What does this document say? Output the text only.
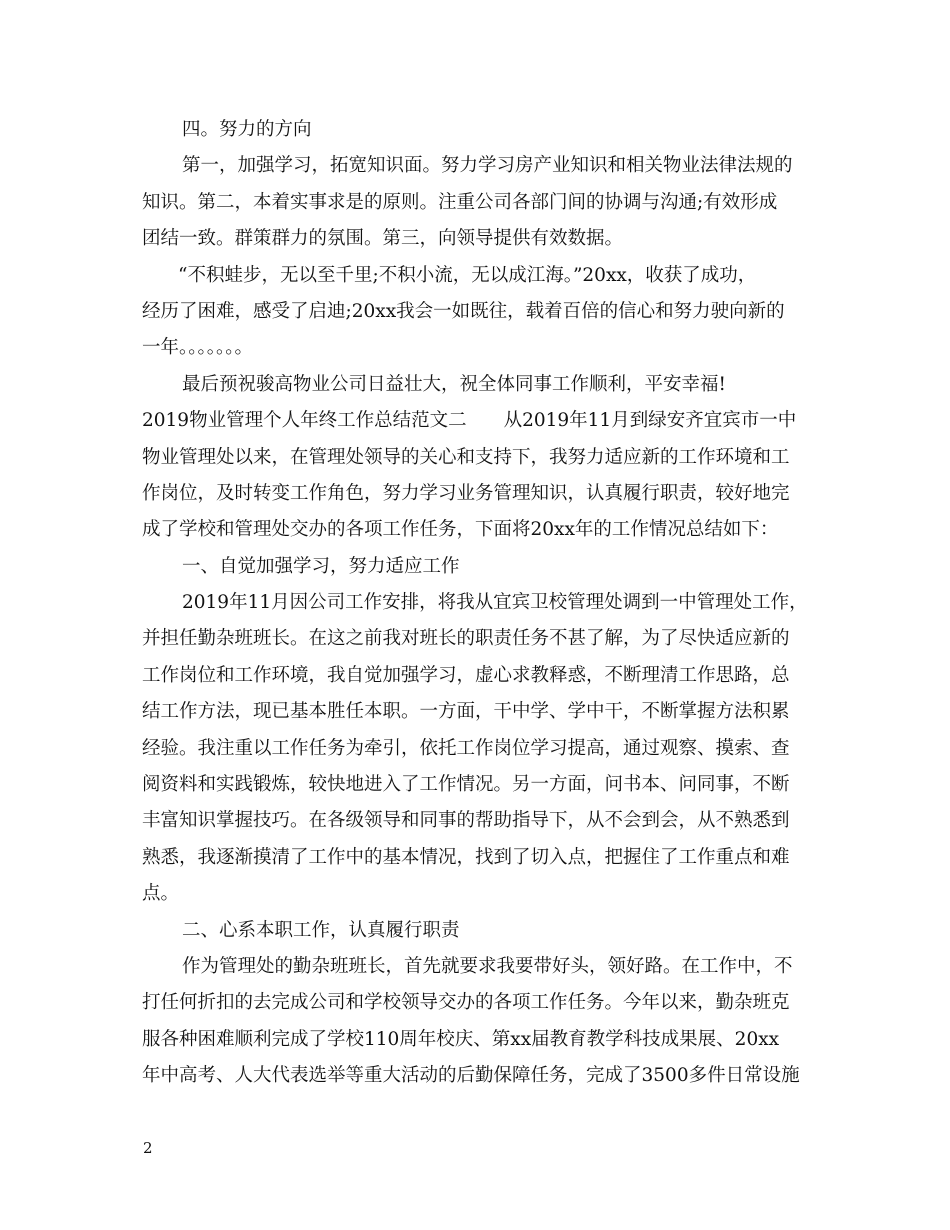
四。努力的方向
第一，加强学习，拓宽知识面。努力学习房产业知识和相关物业法律法规的
知识。第二，本着实事求是的原则。注重公司各部门间的协调与沟通;有效形成
团结一致。群策群力的氛围。第三，向领导提供有效数据。
“不积蛙步，无以至千里;不积小流，无以成江海。”20xx，收获了成功，
经历了困难，感受了启迪;20xx我会一如既往，载着百倍的信心和努力驶向新的
一年。。。。。。。
最后预祝骏高物业公司日益壮大，祝全体同事工作顺利，平安幸福!
2019物业管理个人年终工作总结范文二　　从2019年11月到绿安齐宜宾市一中
物业管理处以来，在管理处领导的关心和支持下，我努力适应新的工作环境和工
作岗位，及时转变工作角色，努力学习业务管理知识，认真履行职责，较好地完
成了学校和管理处交办的各项工作任务，下面将20xx年的工作情况总结如下：
一、自觉加强学习，努力适应工作
2019年11月因公司工作安排，将我从宜宾卫校管理处调到一中管理处工作，
并担任勤杂班班长。在这之前我对班长的职责任务不甚了解，为了尽快适应新的
工作岗位和工作环境，我自觉加强学习，虚心求教释惑，不断理清工作思路，总
结工作方法，现已基本胜任本职。一方面，干中学、学中干，不断掌握方法积累
经验。我注重以工作任务为牵引，依托工作岗位学习提高，通过观察、摸索、查
阅资料和实践锻炼，较快地进入了工作情况。另一方面，问书本、问同事，不断
丰富知识掌握技巧。在各级领导和同事的帮助指导下，从不会到会，从不熟悉到
熟悉，我逐渐摸清了工作中的基本情况，找到了切入点，把握住了工作重点和难
点。
二、心系本职工作，认真履行职责
作为管理处的勤杂班班长，首先就要求我要带好头，领好路。在工作中，不
打任何折扣的去完成公司和学校领导交办的各项工作任务。今年以来，勤杂班克
服各种困难顺利完成了学校110周年校庆、第xx届教育教学科技成果展、20xx
年中高考、人大代表选举等重大活动的后勤保障任务，完成了3500多件日常设施
2
